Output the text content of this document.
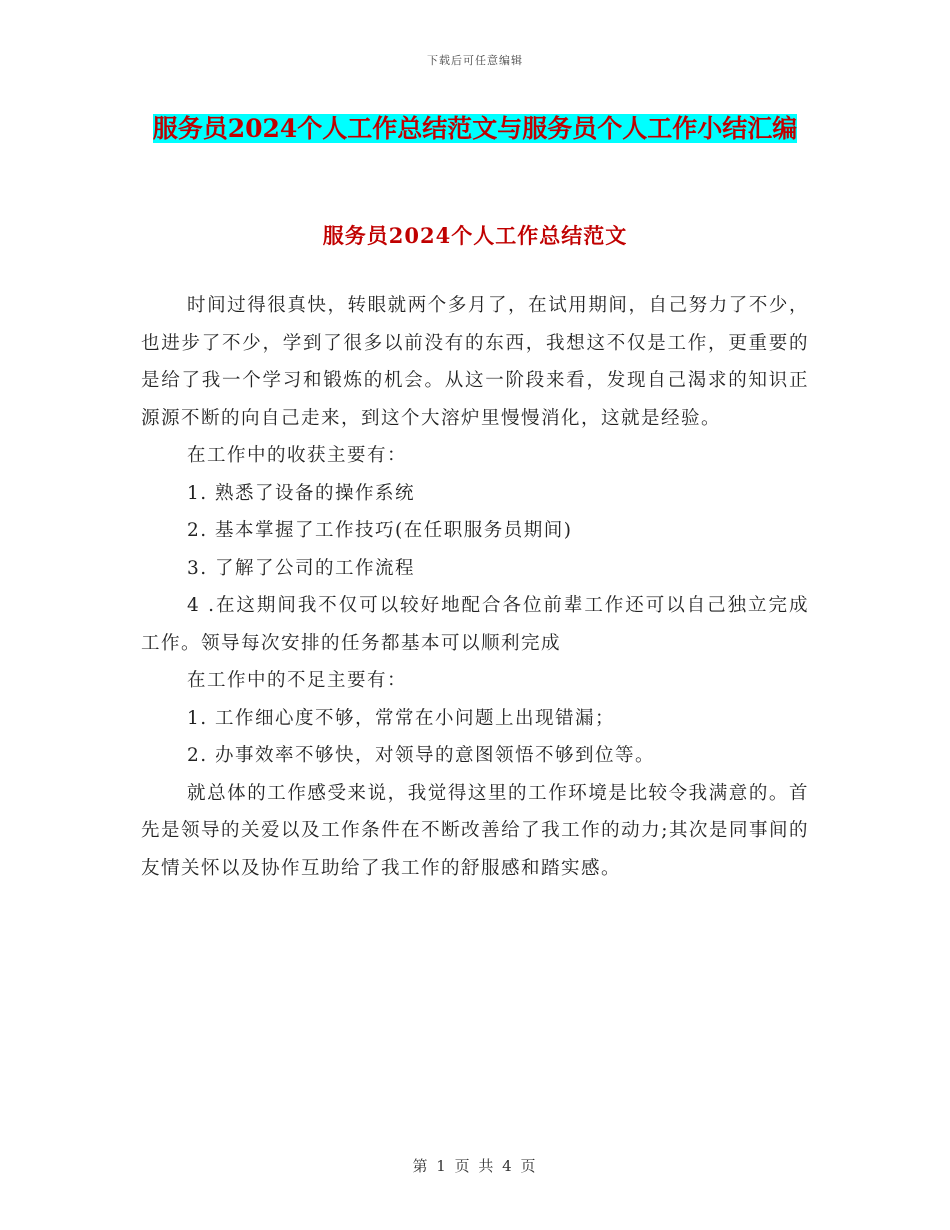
下载后可任意编辑
服务员2024个人工作总结范文与服务员个人工作小结汇编
服务员2024个人工作总结范文

时间过得很真快，转眼就两个多月了，在试用期间，自己努力了不少，也进步了不少，学到了很多以前没有的东西，我想这不仅是工作，更重要的是给了我一个学习和锻炼的机会。从这一阶段来看，发现自己渴求的知识正源源不断的向自己走来，到这个大溶炉里慢慢消化，这就是经验。

在工作中的收获主要有：

1. 熟悉了设备的操作系统

2. 基本掌握了工作技巧(在任职服务员期间)

3. 了解了公司的工作流程

4 .在这期间我不仅可以较好地配合各位前辈工作还可以自己独立完成工作。领导每次安排的任务都基本可以顺利完成

在工作中的不足主要有：

1. 工作细心度不够，常常在小问题上出现错漏；

2. 办事效率不够快，对领导的意图领悟不够到位等。

就总体的工作感受来说，我觉得这里的工作环境是比较令我满意的。首先是领导的关爱以及工作条件在不断改善给了我工作的动力;其次是同事间的友情关怀以及协作互助给了我工作的舒服感和踏实感。

第 1 页 共 4 页
